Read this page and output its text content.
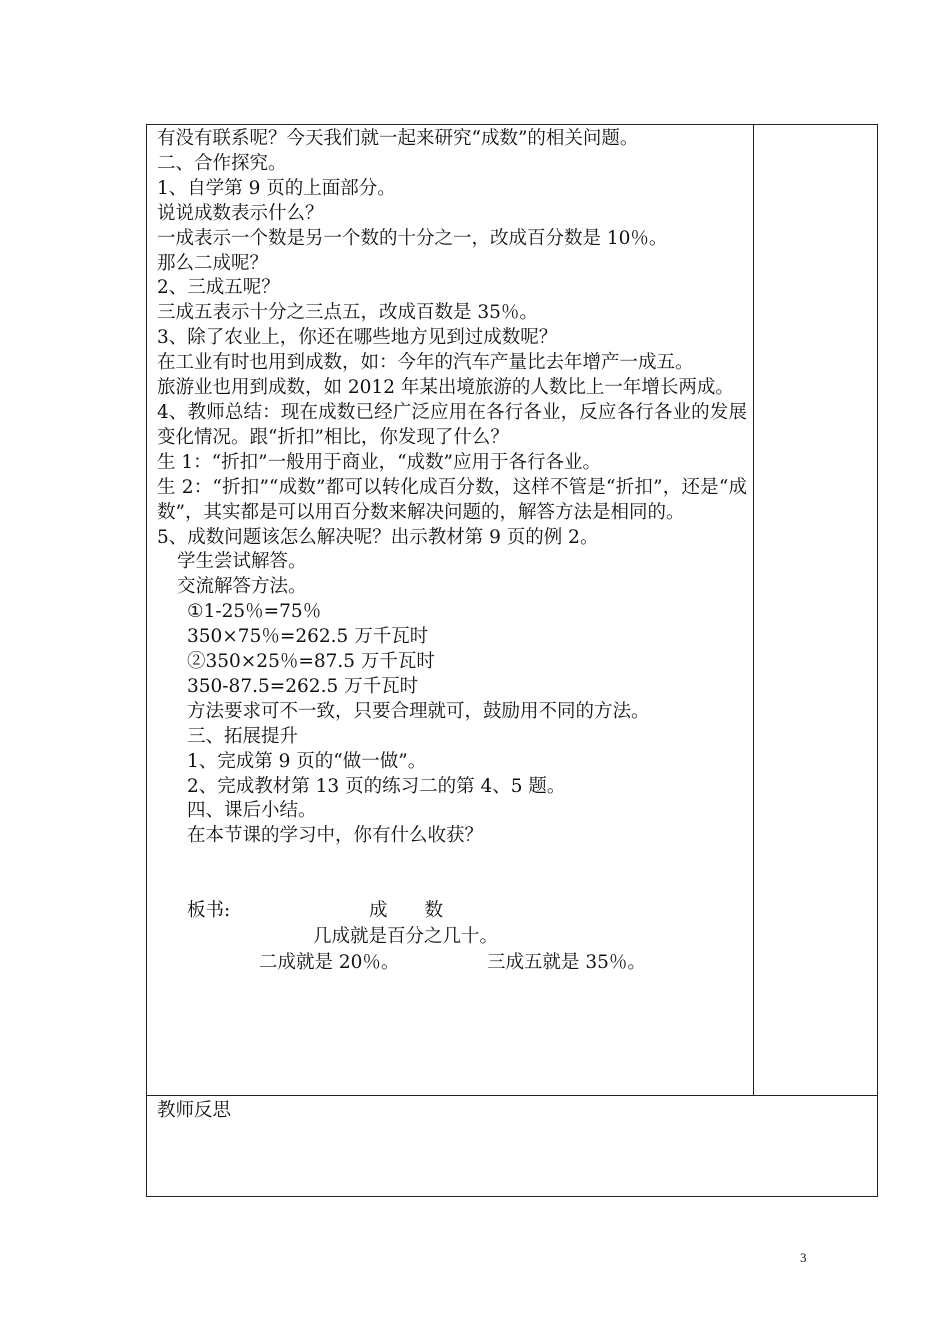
有没有联系呢？今天我们就一起来研究“成数”的相关问题。
二、合作探究。
1、自学第 9 页的上面部分。
说说成数表示什么？
一成表示一个数是另一个数的十分之一，改成百分数是 10％。
那么二成呢？
2、三成五呢？
三成五表示十分之三点五，改成百数是 35％。
3、除了农业上，你还在哪些地方见到过成数呢？
在工业有时也用到成数，如：今年的汽车产量比去年增产一成五。
旅游业也用到成数，如 2012 年某出境旅游的人数比上一年增长两成。
4、教师总结：现在成数已经广泛应用在各行各业，反应各行各业的发展变化情况。跟“折扣”相比，你发现了什么？
生 1：“折扣”一般用于商业，“成数”应用于各行各业。
生 2：“折扣”“成数”都可以转化成百分数，这样不管是“折扣”，还是“成数”，其实都是可以用百分数来解决问题的，解答方法是相同的。
5、成数问题该怎么解决呢？出示教材第 9 页的例 2。
学生尝试解答。
交流解答方法。
①1-25％=75％
350×75％=262.5 万千瓦时
②350×25％=87.5 万千瓦时
350-87.5=262.5 万千瓦时
方法要求可不一致，只要合理就可，鼓励用不同的方法。
三、拓展提升
1、完成第 9 页的“做一做”。
2、完成教材第 13 页的练习二的第 4、5 题。
四、课后小结。
在本节课的学习中，你有什么收获？
板书:	成　　数
几成就是百分之几十。
二成就是 20％。	三成五就是 35％。
教师反思
3
